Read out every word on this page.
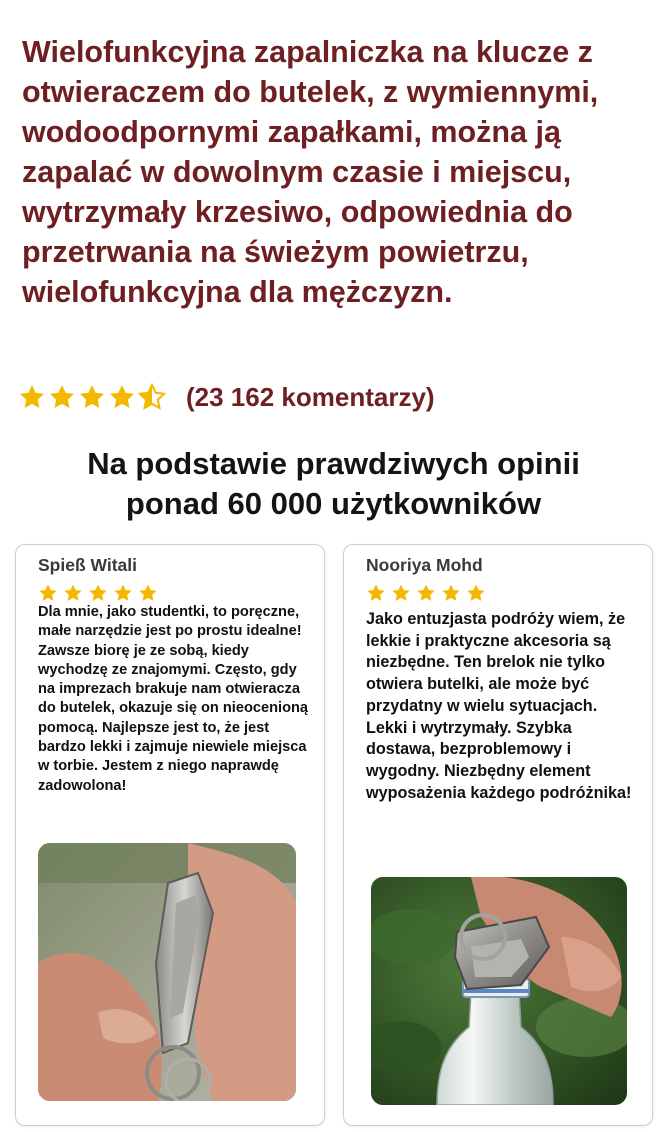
Wielofunkcyjna zapalniczka na klucze z otwieraczem do butelek, z wymiennymi, wodoodpornymi zapałkami, można ją zapalać w dowolnym czasie i miejscu, wytrzymały krzesiwo, odpowiednia do przetrwania na świeżym powietrzu, wielofunkcyjna dla mężczyzn.
(23 162 komentarzy)
Na podstawie prawdziwych opinii
ponad 60 000 użytkowników
Spieß Witali
Dla mnie, jako studentki, to poręczne, małe narzędzie jest po prostu idealne! Zawsze biorę je ze sobą, kiedy wychodzę ze znajomymi. Często, gdy na imprezach brakuje nam otwieracza do butelek, okazuje się on nieocenioną pomocą. Najlepsze jest to, że jest bardzo lekki i zajmuje niewiele miejsca w torbie. Jestem z niego naprawdę zadowolona!
Nooriya Mohd
Jako entuzjasta podróży wiem, że lekkie i praktyczne akcesoria są niezbędne. Ten brelok nie tylko otwiera butelki, ale może być przydatny w wielu sytuacjach. Lekki i wytrzymały. Szybka dostawa, bezproblemowy i wygodny. Niezbędny element wyposażenia każdego podróżnika!
